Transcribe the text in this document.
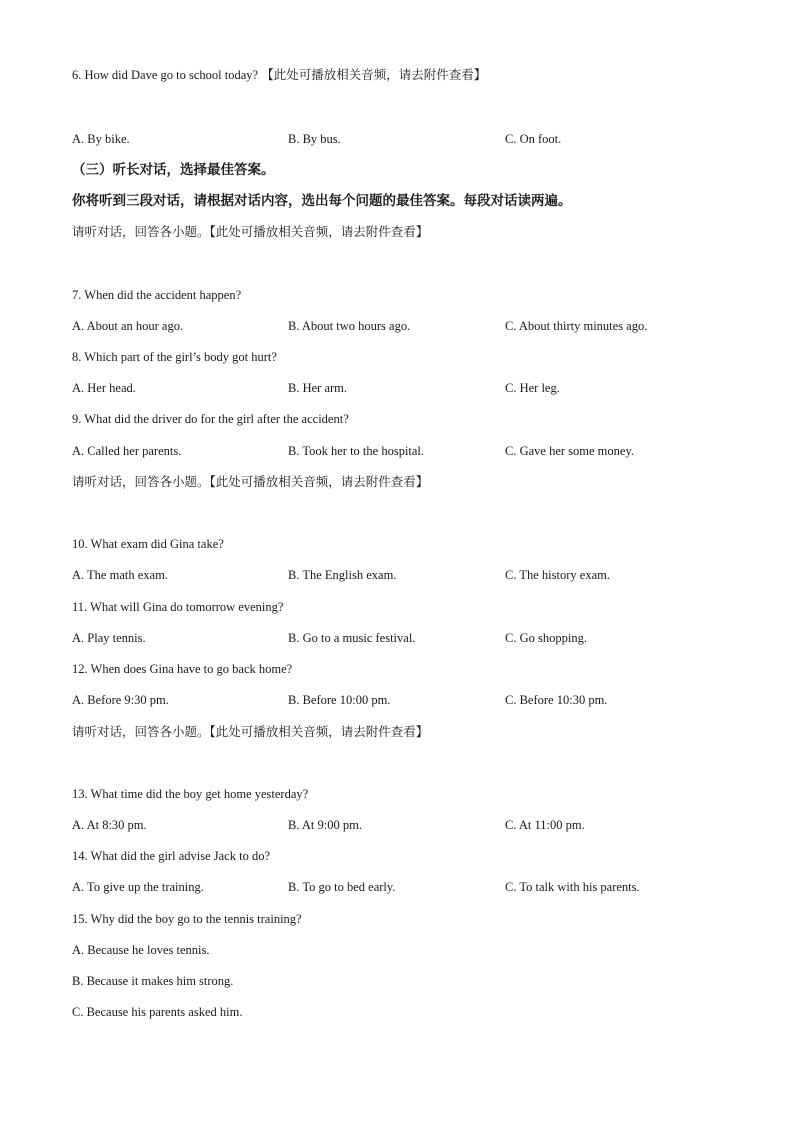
6. How did Dave go to school today? 【此处可播放相关音频，请去附件查看】
A. By bike.	B. By bus.	C. On foot.
（三）听长对话，选择最佳答案。
你将听到三段对话，请根据对话内容，选出每个问题的最佳答案。每段对话读两遍。
请听对话，回答各小题。【此处可播放相关音频，请去附件查看】
7. When did the accident happen?
A. About an hour ago.	B. About two hours ago.	C. About thirty minutes ago.
8. Which part of the girl’s body got hurt?
A. Her head.	B. Her arm.	C. Her leg.
9. What did the driver do for the girl after the accident?
A. Called her parents.	B. Took her to the hospital.	C. Gave her some money.
请听对话，回答各小题。【此处可播放相关音频，请去附件查看】
10. What exam did Gina take?
A. The math exam.	B. The English exam.	C. The history exam.
11. What will Gina do tomorrow evening?
A. Play tennis.	B. Go to a music festival.	C. Go shopping.
12. When does Gina have to go back home?
A. Before 9:30 pm.	B. Before 10:00 pm.	C. Before 10:30 pm.
请听对话，回答各小题。【此处可播放相关音频，请去附件查看】
13. What time did the boy get home yesterday?
A. At 8:30 pm.	B. At 9:00 pm.	C. At 11:00 pm.
14. What did the girl advise Jack to do?
A. To give up the training.	B. To go to bed early.	C. To talk with his parents.
15. Why did the boy go to the tennis training?
A. Because he loves tennis.
B. Because it makes him strong.
C. Because his parents asked him.
